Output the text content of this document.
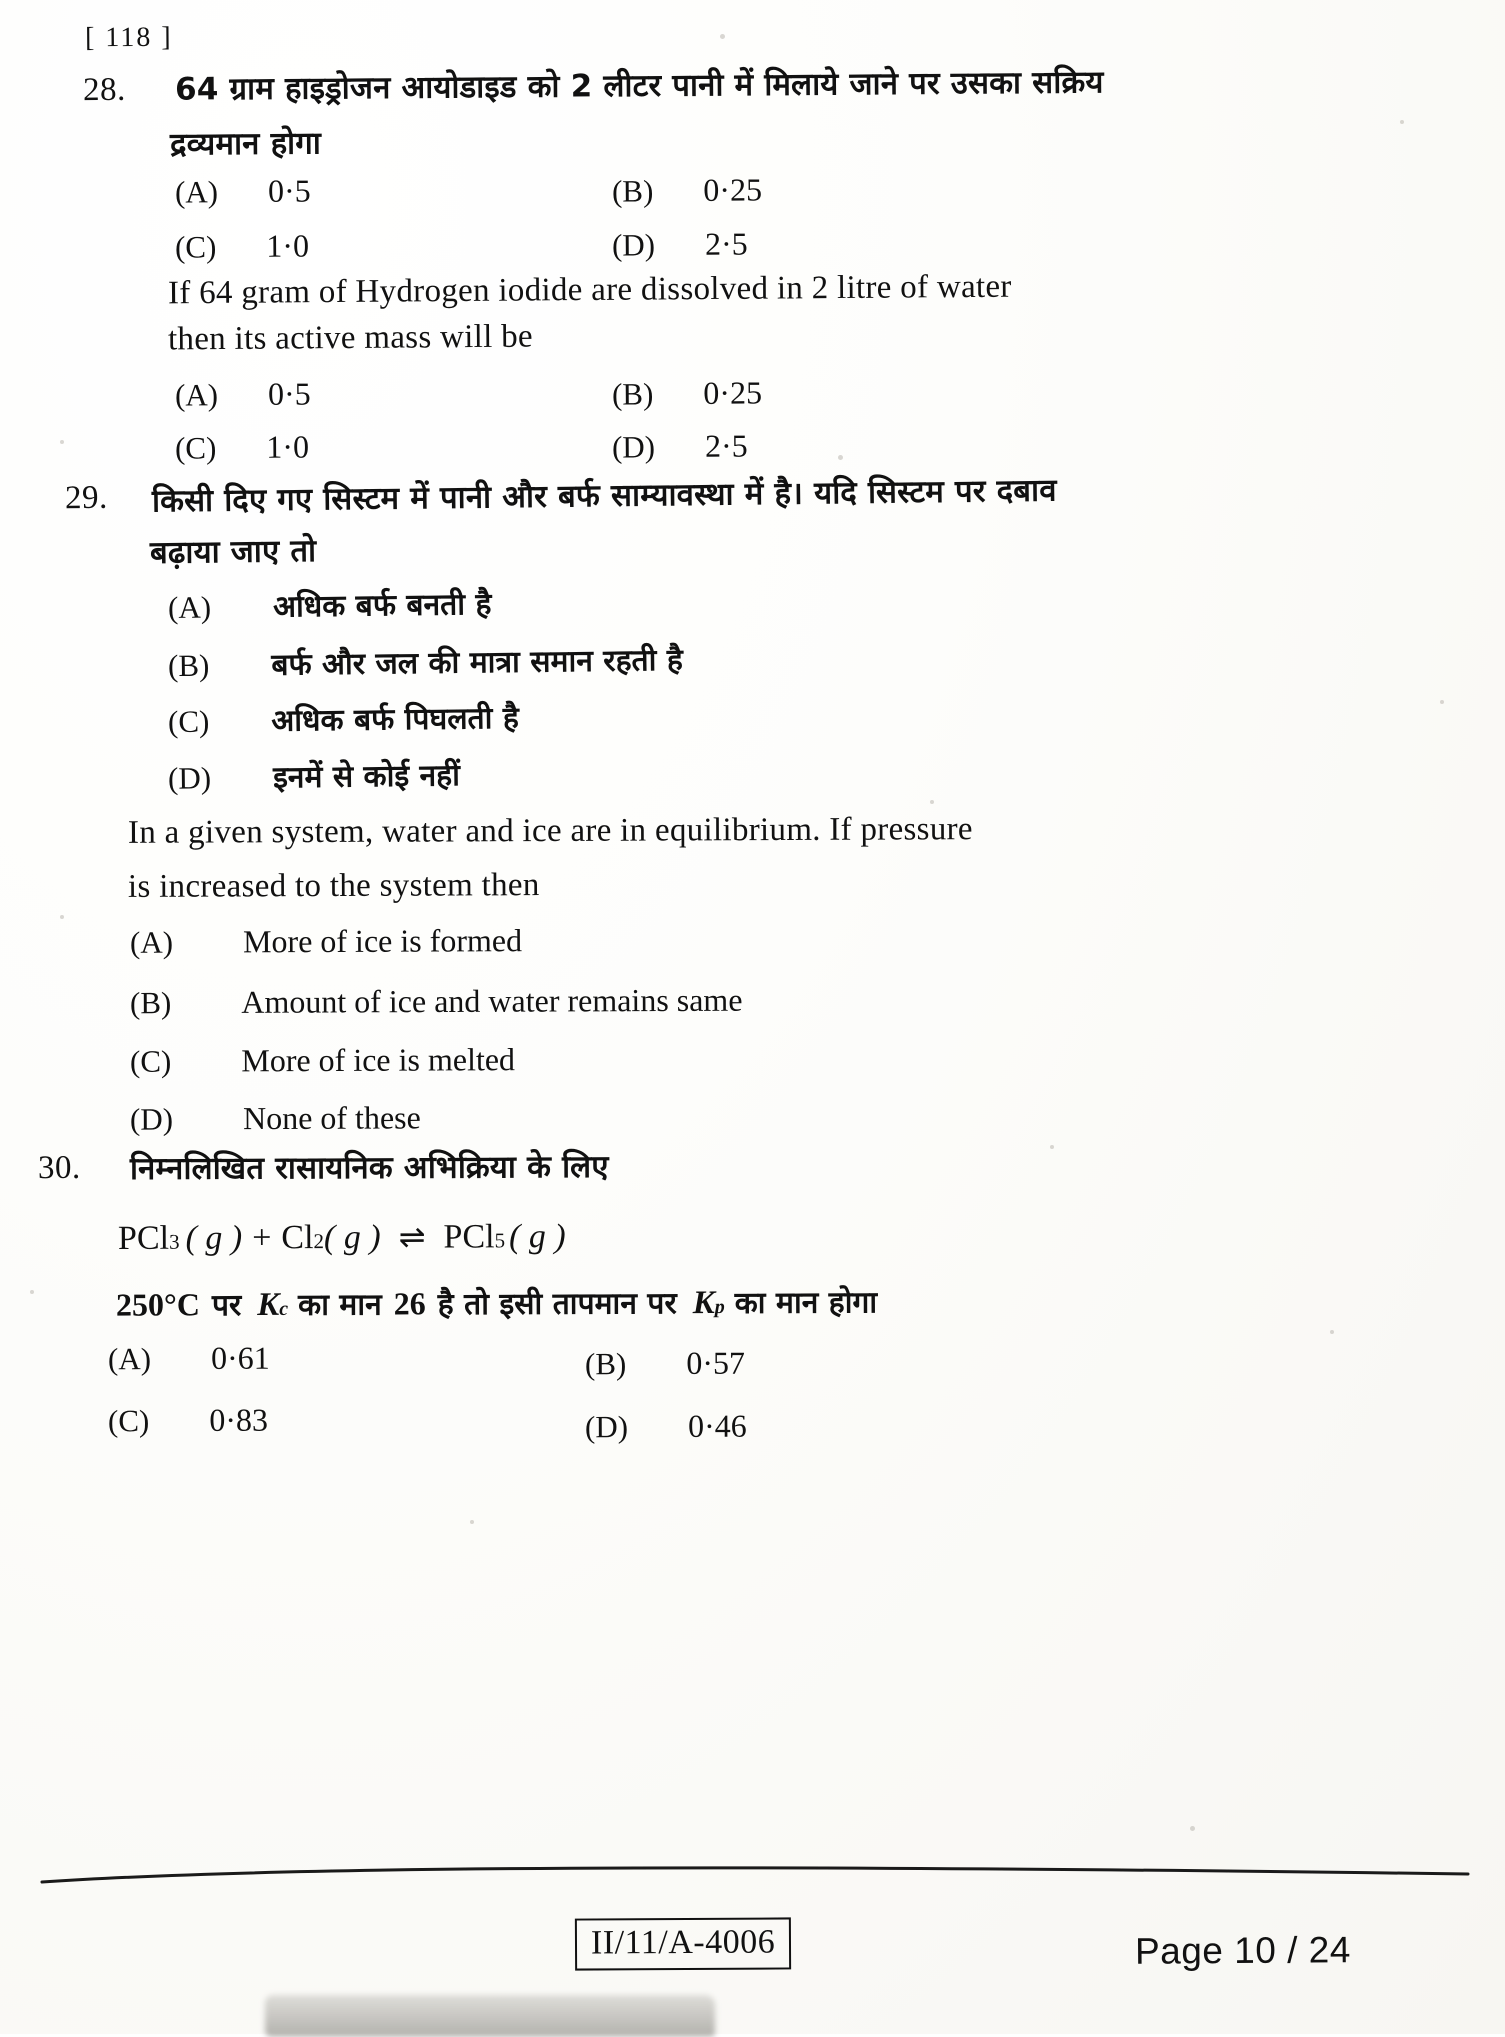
[ 118 ]
28. 64 ग्राम हाइड्रोजन आयोडाइड को 2 लीटर पानी में मिलाये जाने पर उसका सक्रिय
द्रव्यमान होगा
(A) 0·5	(B) 0·25
(C) 1·0	(D) 2·5
If 64 gram of Hydrogen iodide are dissolved in 2 litre of water
then its active mass will be
(A) 0·5	(B) 0·25
(C) 1·0	(D) 2·5
29. किसी दिए गए सिस्टम में पानी और बर्फ साम्यावस्था में है। यदि सिस्टम पर दबाव
बढ़ाया जाए तो
(A) अधिक बर्फ बनती है
(B) बर्फ और जल की मात्रा समान रहती है
(C) अधिक बर्फ पिघलती है
(D) इनमें से कोई नहीं
In a given system, water and ice are in equilibrium. If pressure
is increased to the system then
(A) More of ice is formed
(B) Amount of ice and water remains same
(C) More of ice is melted
(D) None of these
30. निम्नलिखित रासायनिक अभिक्रिया के लिए
PCl 3 ( g ) + Cl 2 ( g ) ⇌ PCl 5 ( g )
250°C पर K c का मान 26 है तो इसी तापमान पर K p का मान होगा
(A) 0·61	(B) 0·57
(C) 0·83	(D) 0·46
II/11/A-4006	Page 10 / 24
